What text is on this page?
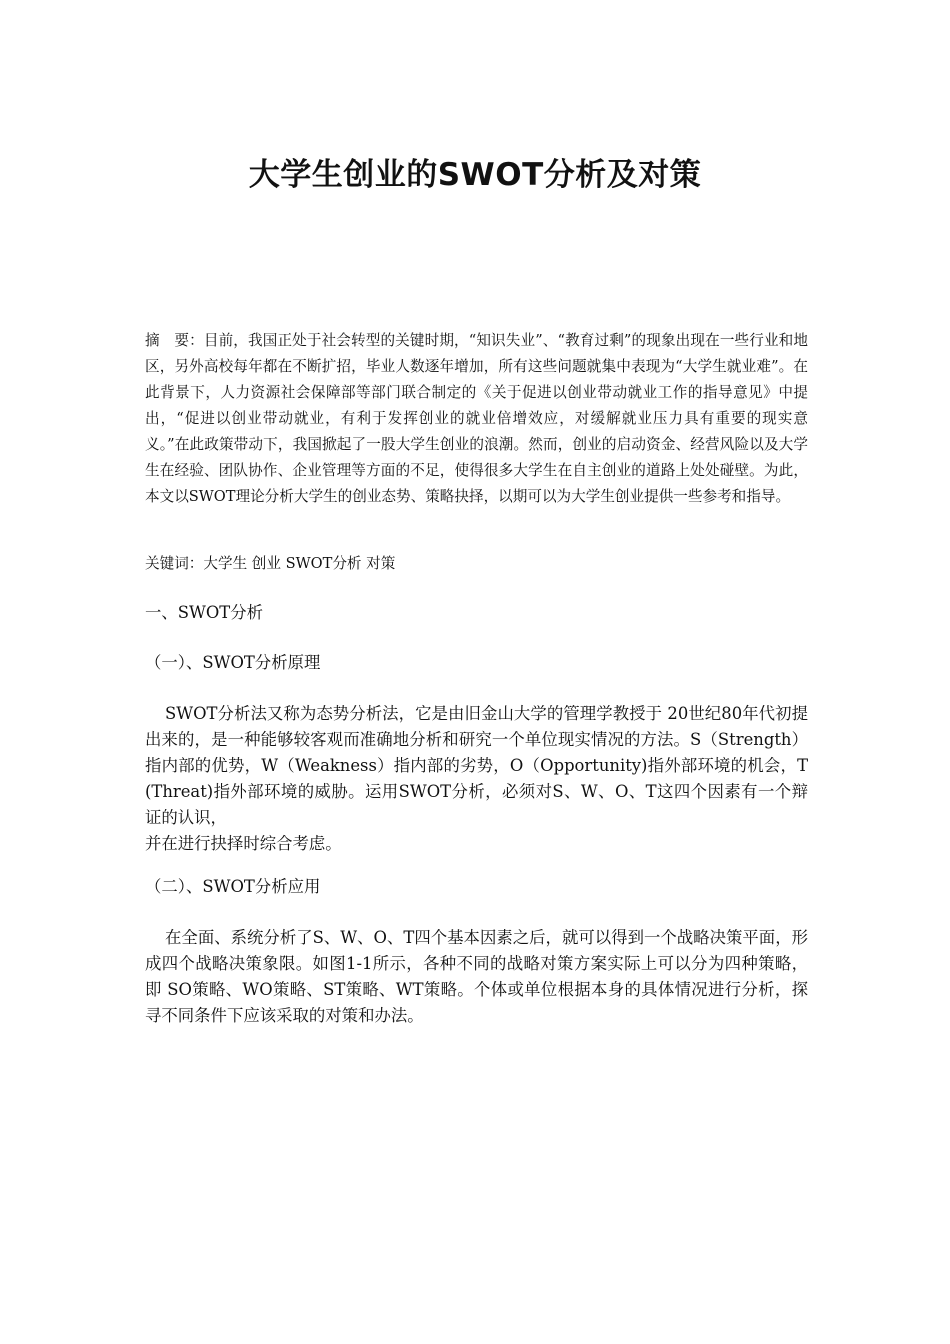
大学生创业的SWOT分析及对策

摘　要：目前，我国正处于社会转型的关键时期，“知识失业”、“教育过剩”的现象出现在一些行业和地区，另外高校每年都在不断扩招，毕业人数逐年增加，所有这些问题就集中表现为“大学生就业难”。在此背景下，人力资源社会保障部等部门联合制定的《关于促进以创业带动就业工作的指导意见》中提出，“促进以创业带动就业，有利于发挥创业的就业倍增效应，对缓解就业压力具有重要的现实意义。”在此政策带动下，我国掀起了一股大学生创业的浪潮。然而，创业的启动资金、经营风险以及大学生在经验、团队协作、企业管理等方面的不足，使得很多大学生在自主创业的道路上处处碰壁。为此，本文以SWOT理论分析大学生的创业态势、策略抉择，以期可以为大学生创业提供一些参考和指导。

关键词：大学生 创业 SWOT分析 对策

一、SWOT分析
（一）、SWOT分析原理

SWOT分析法又称为态势分析法，它是由旧金山大学的管理学教授于 20世纪80年代初提出来的，是一种能够较客观而准确地分析和研究一个单位现实情况的方法。S（Strength）指内部的优势，W（Weakness）指内部的劣势，O（Opportunity)指外部环境的机会，T(Threat)指外部环境的威胁。运用SWOT分析，必须对S、W、O、T这四个因素有一个辩证的认识，
并在进行抉择时综合考虑。

（二）、SWOT分析应用

在全面、系统分析了S、W、O、T四个基本因素之后，就可以得到一个战略决策平面，形成四个战略决策象限。如图1-1所示，各种不同的战略对策方案实际上可以分为四种策略，即 SO策略、WO策略、ST策略、WT策略。个体或单位根据本身的具体情况进行分析，探寻不同条件下应该采取的对策和办法。
